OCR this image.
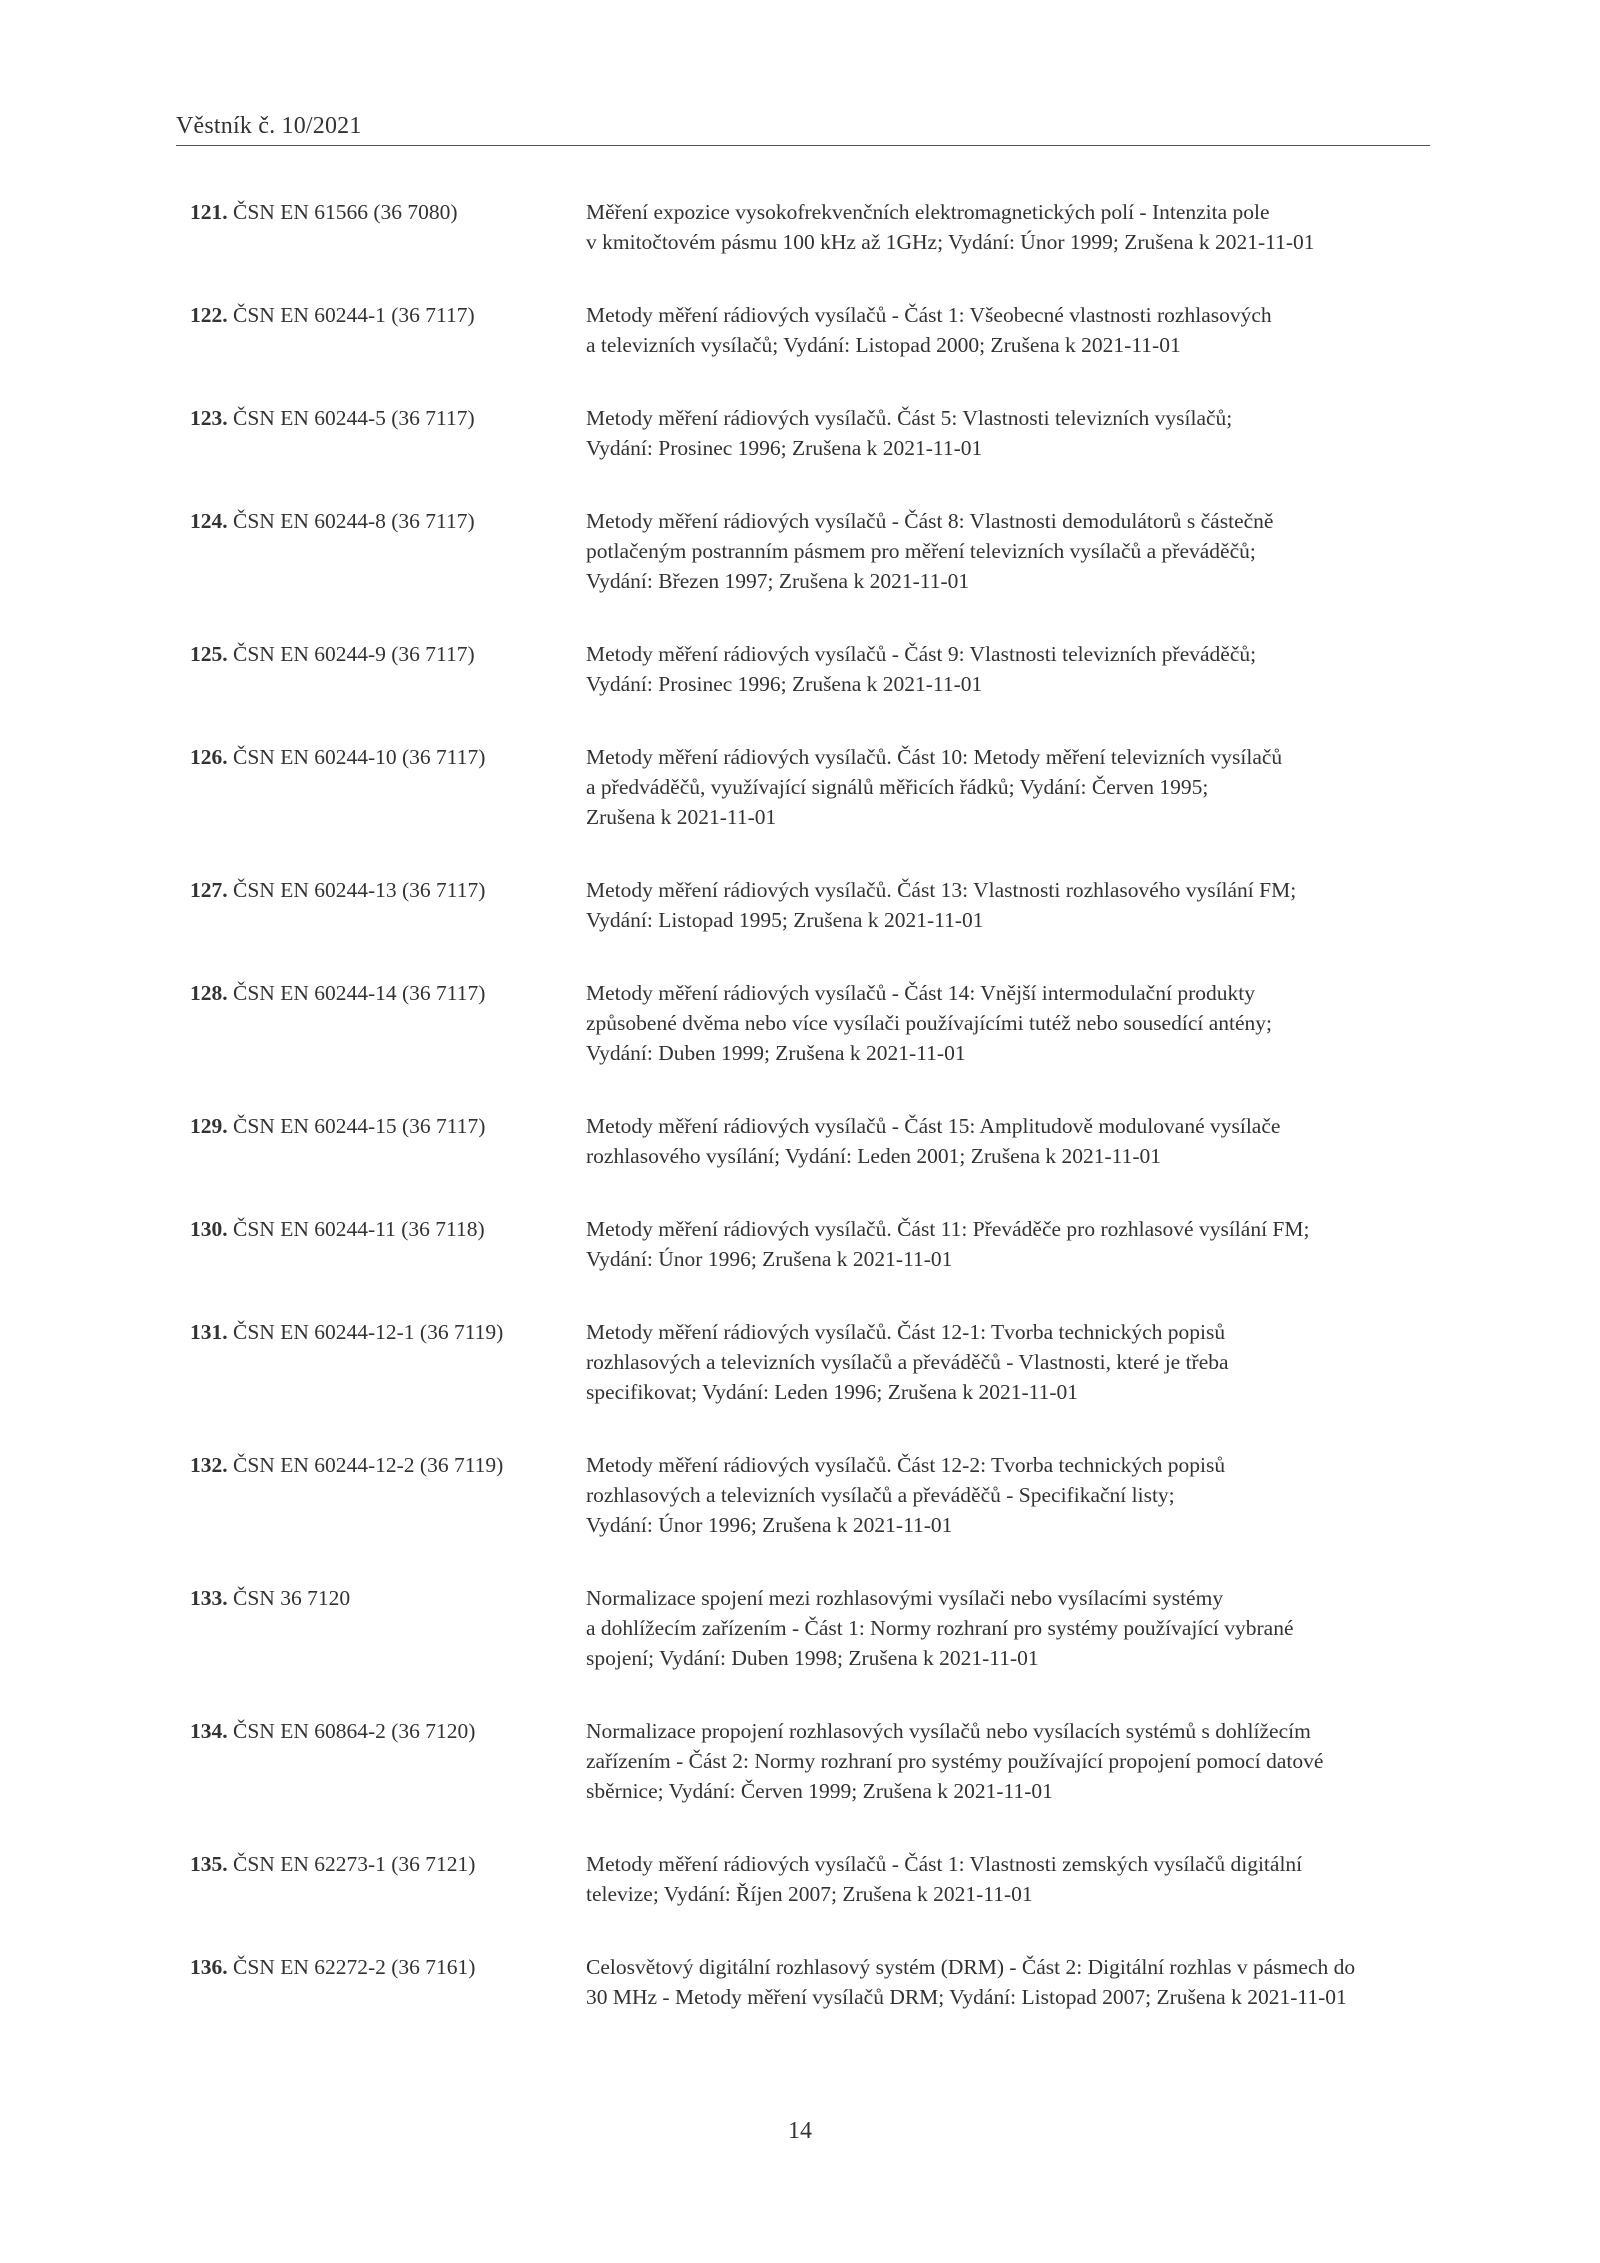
Věstník č. 10/2021
121. ČSN EN 61566 (36 7080)	Měření expozice vysokofrekvenčních elektromagnetických polí - Intenzita pole
v kmitočtovém pásmu 100 kHz až 1GHz; Vydání: Únor 1999; Zrušena k 2021-11-01
122. ČSN EN 60244-1 (36 7117)	Metody měření rádiových vysílačů - Část 1: Všeobecné vlastnosti rozhlasových
a televizních vysílačů; Vydání: Listopad 2000; Zrušena k 2021-11-01
123. ČSN EN 60244-5 (36 7117)	Metody měření rádiových vysílačů. Část 5: Vlastnosti televizních vysílačů;
Vydání: Prosinec 1996; Zrušena k 2021-11-01
124. ČSN EN 60244-8 (36 7117)	Metody měření rádiových vysílačů - Část 8: Vlastnosti demodulátorů s částečně
potlačeným postranním pásmem pro měření televizních vysílačů a převáděčů;
Vydání: Březen 1997; Zrušena k 2021-11-01
125. ČSN EN 60244-9 (36 7117)	Metody měření rádiových vysílačů - Část 9: Vlastnosti televizních převáděčů;
Vydání: Prosinec 1996; Zrušena k 2021-11-01
126. ČSN EN 60244-10 (36 7117)	Metody měření rádiových vysílačů. Část 10: Metody měření televizních vysílačů
a předváděčů, využívající signálů měřicích řádků; Vydání: Červen 1995;
Zrušena k 2021-11-01
127. ČSN EN 60244-13 (36 7117)	Metody měření rádiových vysílačů. Část 13: Vlastnosti rozhlasového vysílání FM;
Vydání: Listopad 1995; Zrušena k 2021-11-01
128. ČSN EN 60244-14 (36 7117)	Metody měření rádiových vysílačů - Část 14: Vnější intermodulační produkty
způsobené dvěma nebo více vysílači používajícími tutéž nebo sousedící antény;
Vydání: Duben 1999; Zrušena k 2021-11-01
129. ČSN EN 60244-15 (36 7117)	Metody měření rádiových vysílačů - Část 15: Amplitudově modulované vysílače
rozhlasového vysílání; Vydání: Leden 2001; Zrušena k 2021-11-01
130. ČSN EN 60244-11 (36 7118)	Metody měření rádiových vysílačů. Část 11: Převáděče pro rozhlasové vysílání FM;
Vydání: Únor 1996; Zrušena k 2021-11-01
131. ČSN EN 60244-12-1 (36 7119)	Metody měření rádiových vysílačů. Část 12-1: Tvorba technických popisů
rozhlasových a televizních vysílačů a převáděčů - Vlastnosti, které je třeba
specifikovat; Vydání: Leden 1996; Zrušena k 2021-11-01
132. ČSN EN 60244-12-2 (36 7119)	Metody měření rádiových vysílačů. Část 12-2: Tvorba technických popisů
rozhlasových a televizních vysílačů a převáděčů - Specifikační listy;
Vydání: Únor 1996; Zrušena k 2021-11-01
133. ČSN 36 7120	Normalizace spojení mezi rozhlasovými vysílači nebo vysílacími systémy
a dohlížecím zařízením - Část 1: Normy rozhraní pro systémy používající vybrané
spojení; Vydání: Duben 1998; Zrušena k 2021-11-01
134. ČSN EN 60864-2 (36 7120)	Normalizace propojení rozhlasových vysílačů nebo vysílacích systémů s dohlížecím
zařízením - Část 2: Normy rozhraní pro systémy používající propojení pomocí datové
sběrnice; Vydání: Červen 1999; Zrušena k 2021-11-01
135. ČSN EN 62273-1 (36 7121)	Metody měření rádiových vysílačů - Část 1: Vlastnosti zemských vysílačů digitální
televize; Vydání: Říjen 2007; Zrušena k 2021-11-01
136. ČSN EN 62272-2 (36 7161)	Celosvětový digitální rozhlasový systém (DRM) - Část 2: Digitální rozhlas v pásmech do
30 MHz - Metody měření vysílačů DRM; Vydání: Listopad 2007; Zrušena k 2021-11-01
14
